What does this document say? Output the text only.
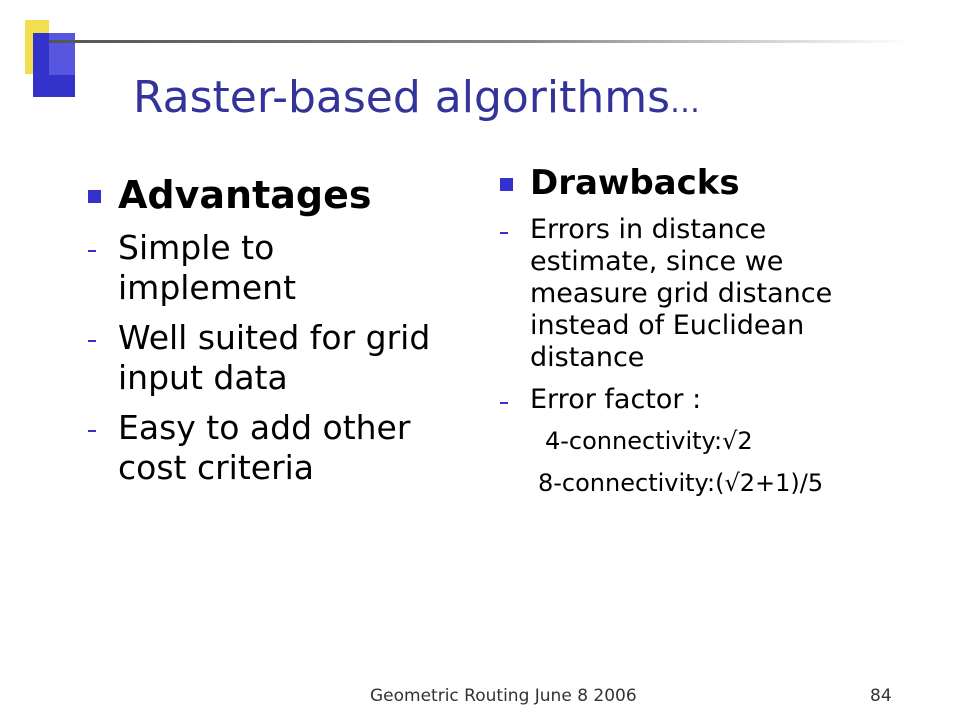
Raster-based algorithms…
Advantages
Simple to implement
Well suited for grid input data
Easy to add other cost criteria
Drawbacks
Errors in distance estimate, since we measure grid distance instead of Euclidean distance
Error factor :
4-connectivity:√2
8-connectivity:(√2+1)/5
Geometric Routing June 8 2006	84
